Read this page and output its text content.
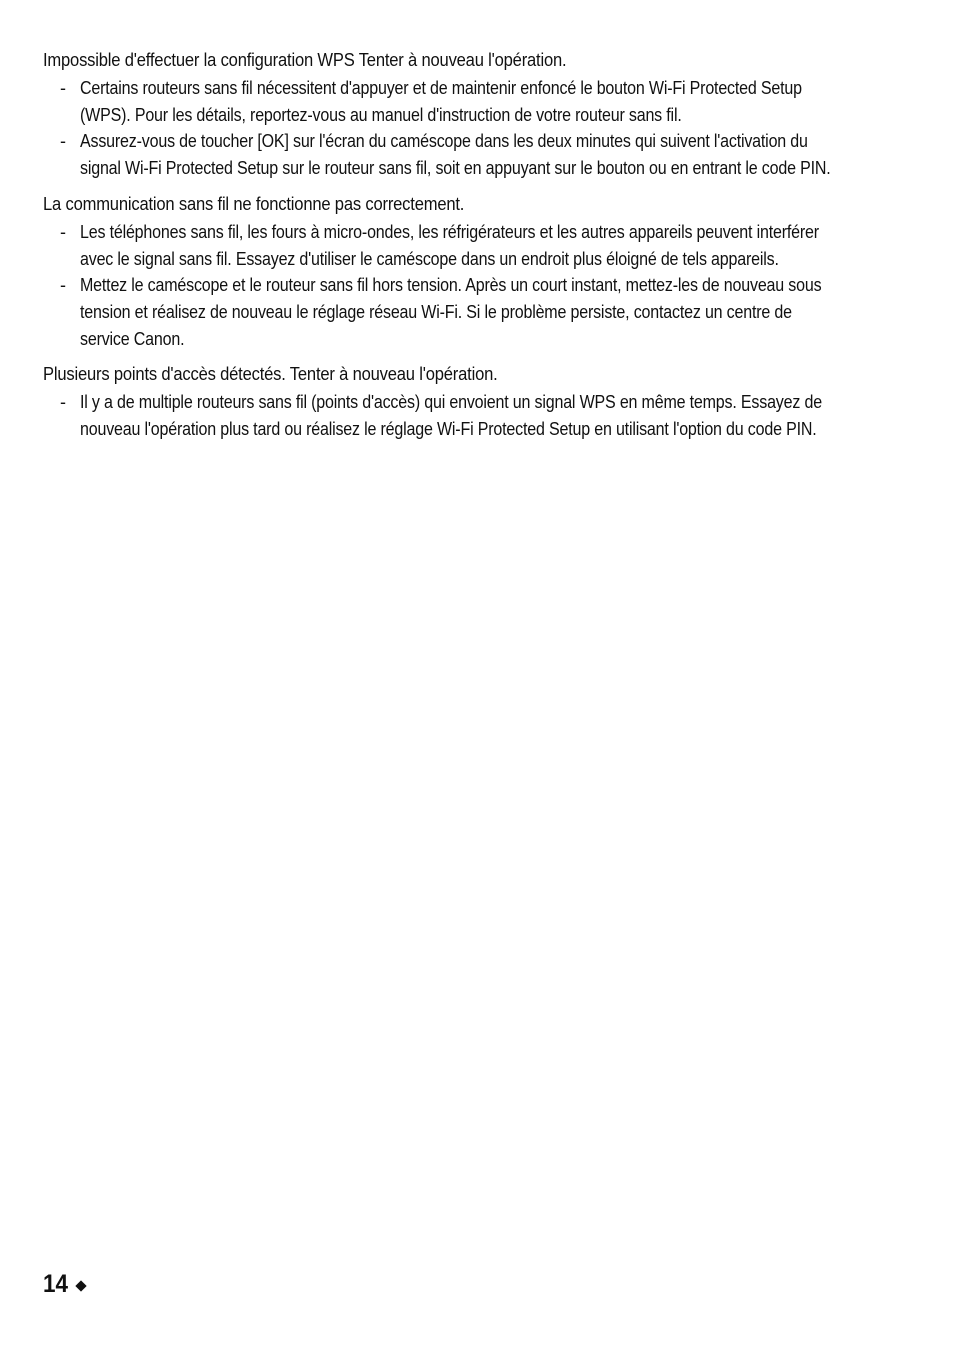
Impossible d'effectuer la configuration WPS Tenter à nouveau l'opération.
- Certains routeurs sans fil nécessitent d'appuyer et de maintenir enfoncé le bouton Wi-Fi Protected Setup (WPS). Pour les détails, reportez-vous au manuel d'instruction de votre routeur sans fil.
- Assurez-vous de toucher [OK] sur l'écran du caméscope dans les deux minutes qui suivent l'activation du signal Wi-Fi Protected Setup sur le routeur sans fil, soit en appuyant sur le bouton ou en entrant le code PIN.
La communication sans fil ne fonctionne pas correctement.
- Les téléphones sans fil, les fours à micro-ondes, les réfrigérateurs et les autres appareils peuvent interférer avec le signal sans fil. Essayez d'utiliser le caméscope dans un endroit plus éloigné de tels appareils.
- Mettez le caméscope et le routeur sans fil hors tension. Après un court instant, mettez-les de nouveau sous tension et réalisez de nouveau le réglage réseau Wi-Fi. Si le problème persiste, contactez un centre de service Canon.
Plusieurs points d'accès détectés. Tenter à nouveau l'opération.
- Il y a de multiple routeurs sans fil (points d'accès) qui envoient un signal WPS en même temps. Essayez de nouveau l'opération plus tard ou réalisez le réglage Wi-Fi Protected Setup en utilisant l'option du code PIN.
14
